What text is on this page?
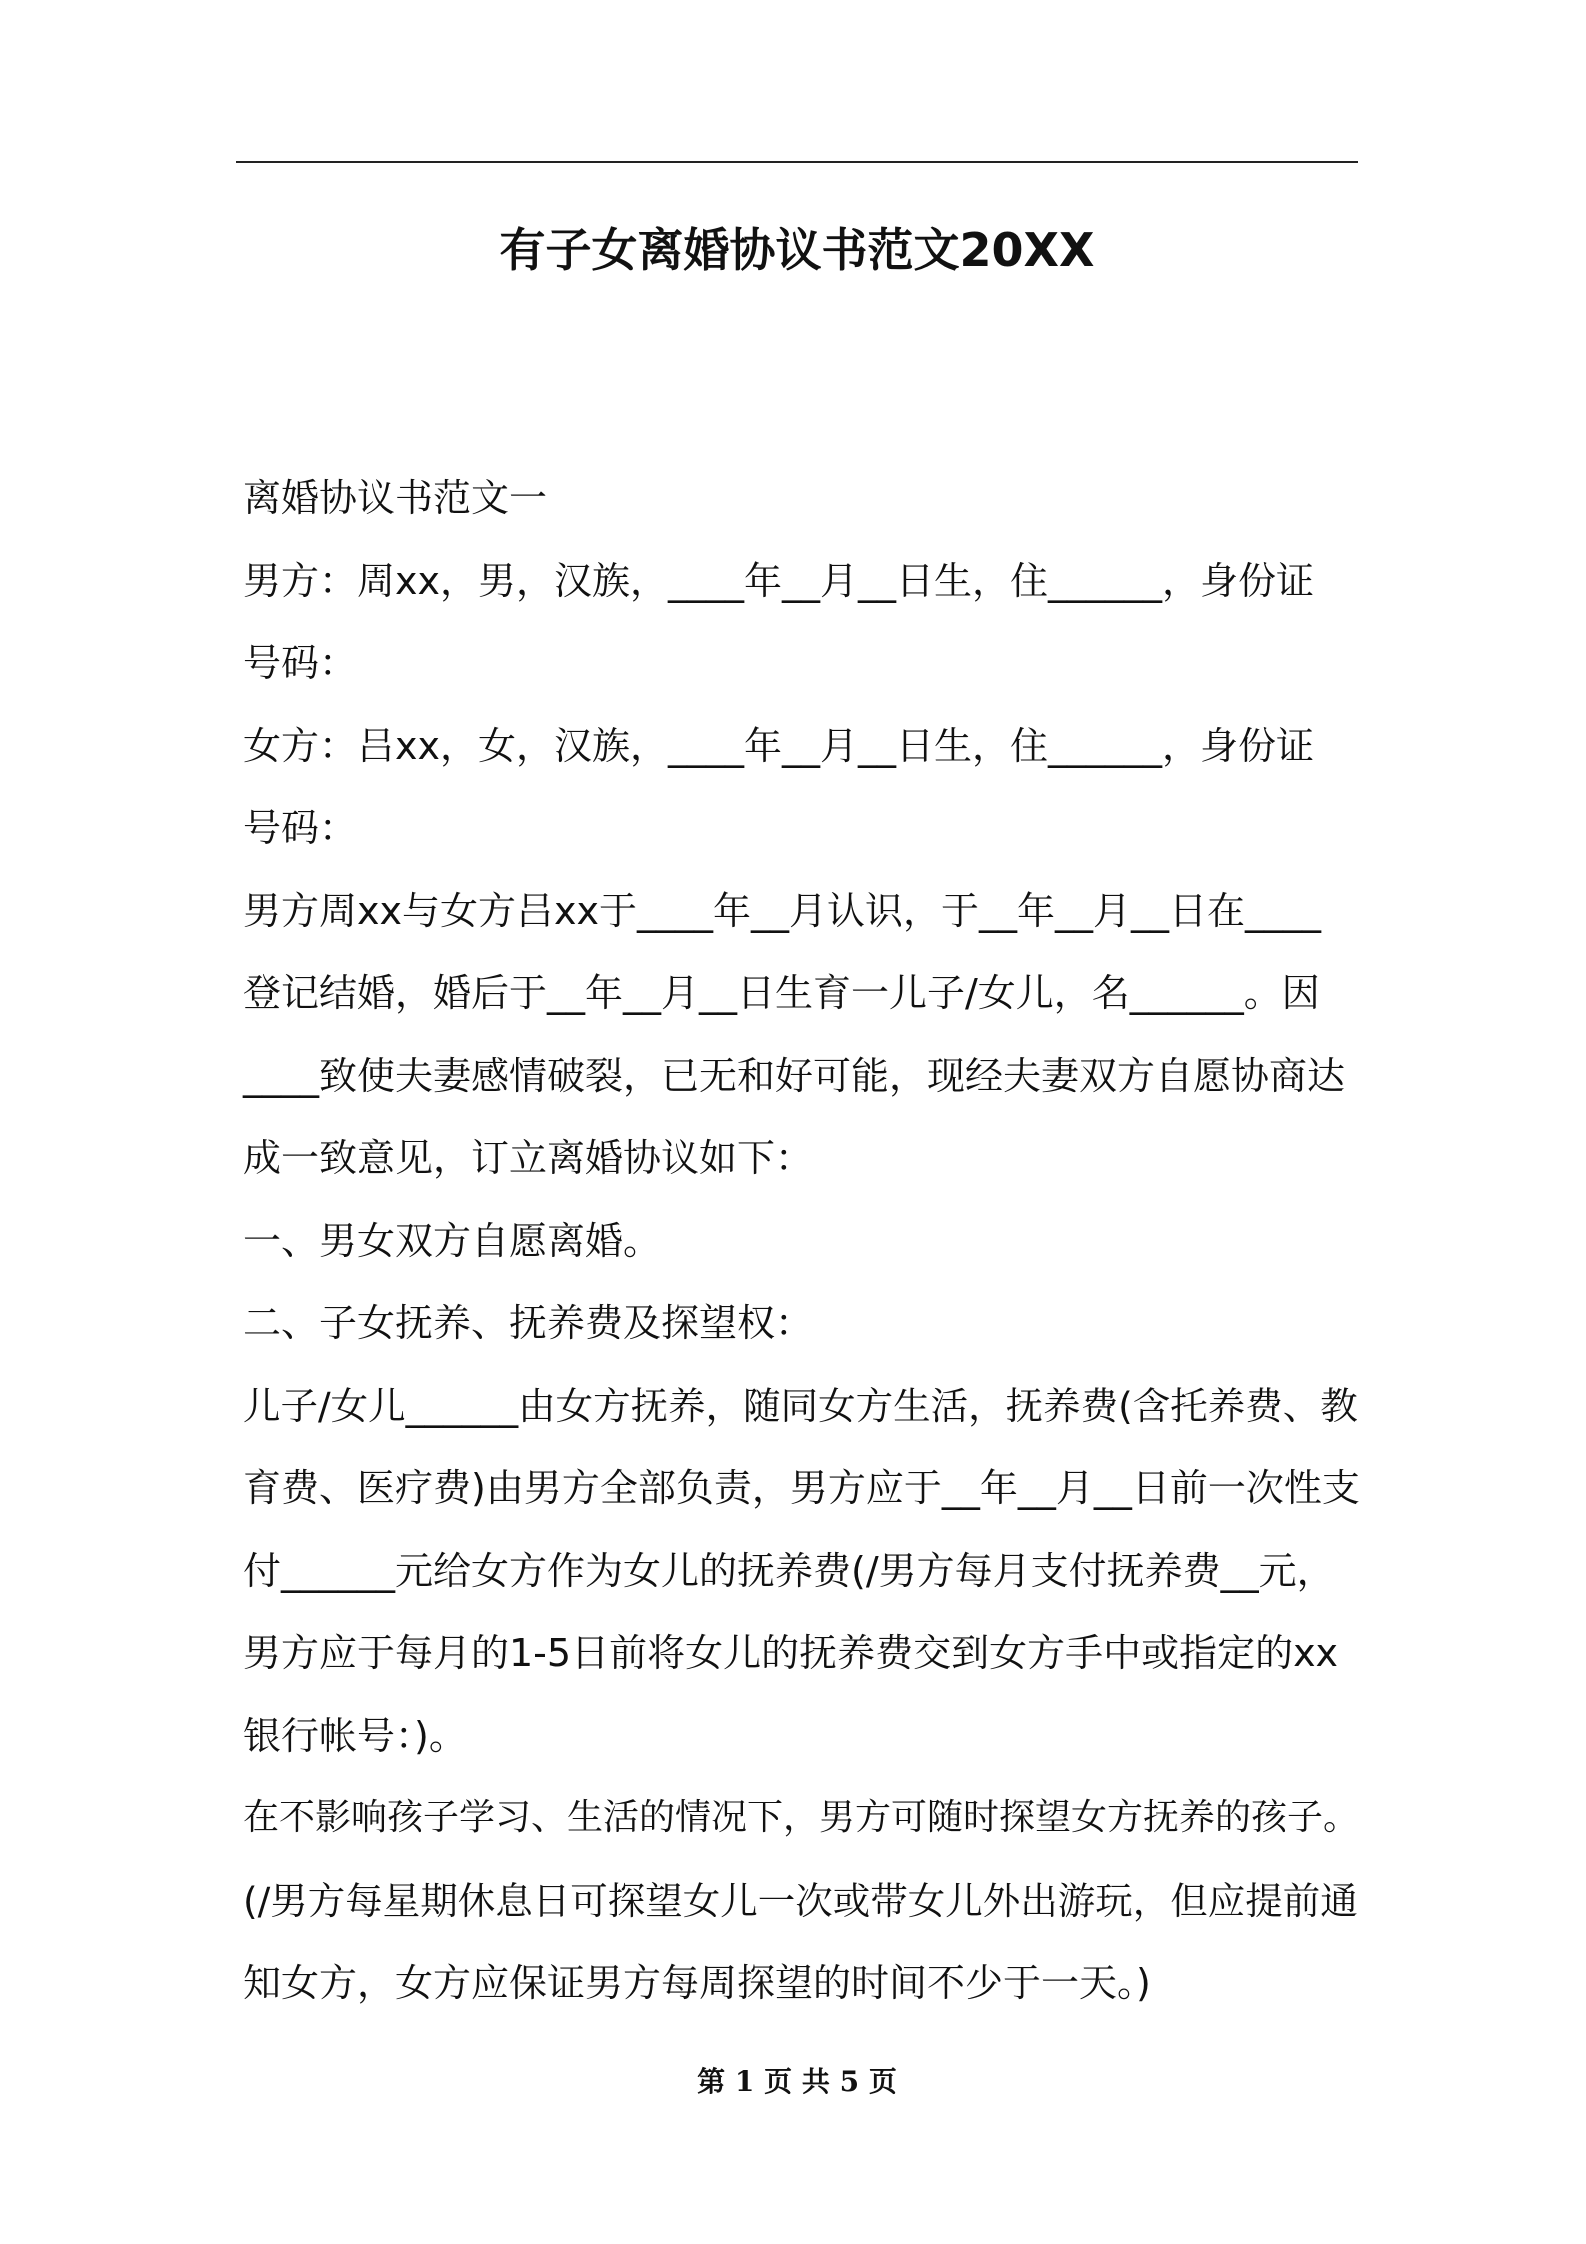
有子女离婚协议书范文20XX
离婚协议书范文一
男方：周xx，男，汉族，____年__月__日生，住______，身份证
号码：
女方：吕xx，女，汉族，____年__月__日生，住______，身份证
号码：
男方周xx与女方吕xx于____年__月认识，于__年__月__日在____
登记结婚，婚后于__年__月__日生育一儿子/女儿，名______。因
____致使夫妻感情破裂，已无和好可能，现经夫妻双方自愿协商达
成一致意见，订立离婚协议如下：
一、男女双方自愿离婚。
二、子女抚养、抚养费及探望权：
儿子/女儿______由女方抚养，随同女方生活，抚养费(含托养费、教
育费、医疗费)由男方全部负责，男方应于__年__月__日前一次性支
付______元给女方作为女儿的抚养费(/男方每月支付抚养费__元，
男方应于每月的1-5日前将女儿的抚养费交到女方手中或指定的xx
银行帐号：)。
在不影响孩子学习、生活的情况下，男方可随时探望女方抚养的孩子。
(/男方每星期休息日可探望女儿一次或带女儿外出游玩，但应提前通
知女方，女方应保证男方每周探望的时间不少于一天。)
第 1 页 共 5 页
